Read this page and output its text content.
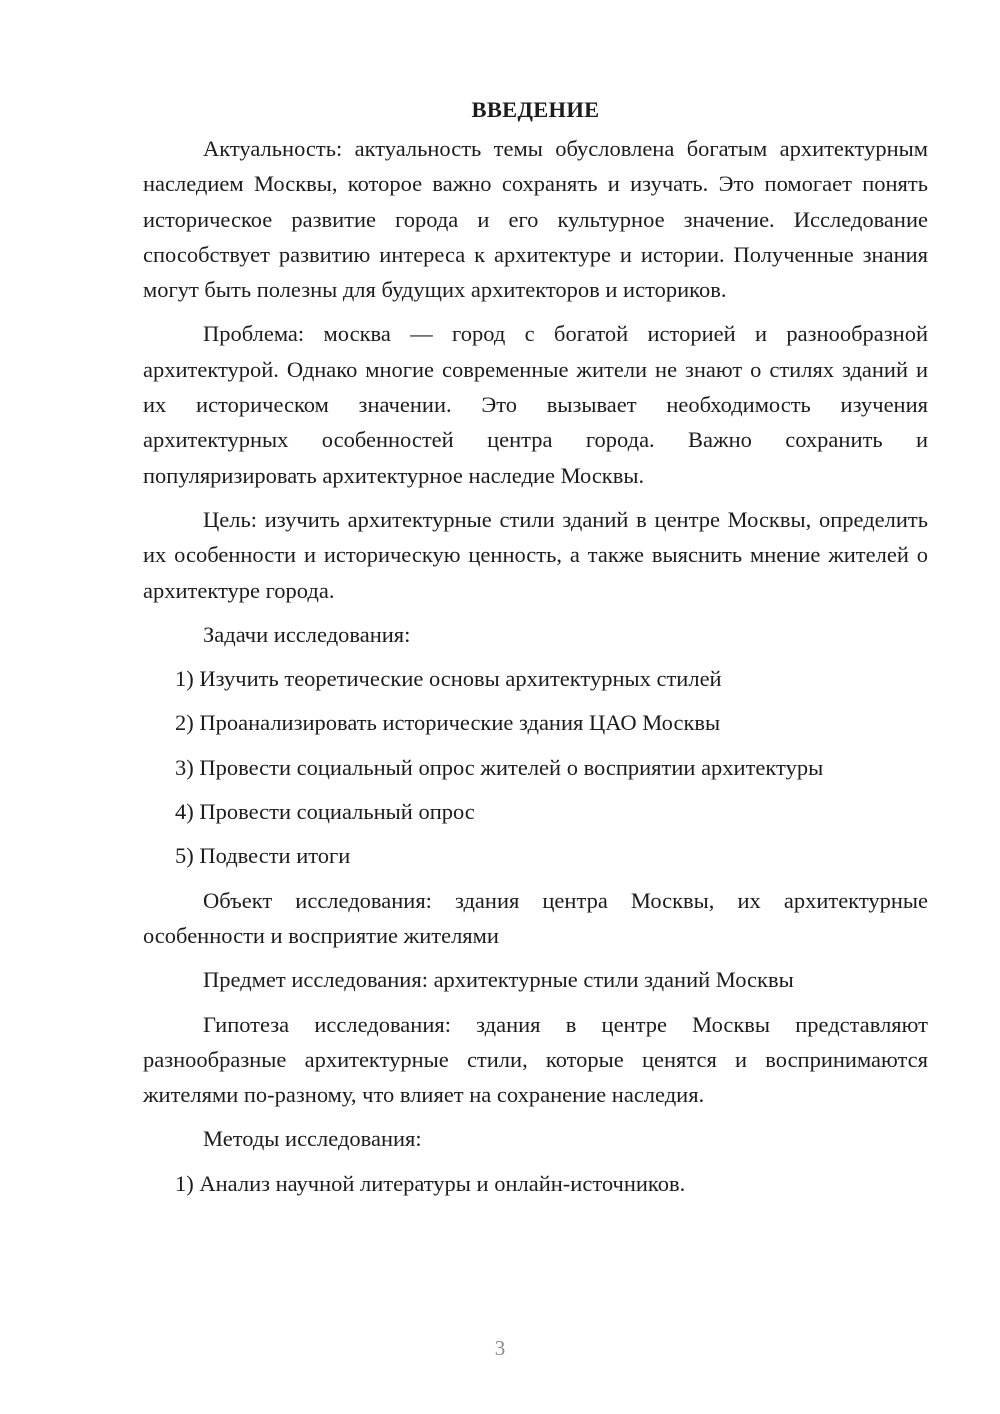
ВВЕДЕНИЕ

Актуальность: актуальность темы обусловлена богатым архитектурным наследием Москвы, которое важно сохранять и изучать. Это помогает понять историческое развитие города и его культурное значение. Исследование способствует развитию интереса к архитектуре и истории. Полученные знания могут быть полезны для будущих архитекторов и историков.

Проблема: москва — город с богатой историей и разнообразной архитектурой. Однако многие современные жители не знают о стилях зданий и их историческом значении. Это вызывает необходимость изучения архитектурных особенностей центра города. Важно сохранить и популяризировать архитектурное наследие Москвы.

Цель: изучить архитектурные стили зданий в центре Москвы, определить их особенности и историческую ценность, а также выяснить мнение жителей о архитектуре города.

Задачи исследования:

1) Изучить теоретические основы архитектурных стилей

2) Проанализировать исторические здания ЦАО Москвы

3) Провести социальный опрос жителей о восприятии архитектуры

4) Провести социальный опрос

5) Подвести итоги

Объект исследования: здания центра Москвы, их архитектурные особенности и восприятие жителями

Предмет исследования: архитектурные стили зданий Москвы

Гипотеза исследования: здания в центре Москвы представляют разнообразные архитектурные стили, которые ценятся и воспринимаются жителями по-разному, что влияет на сохранение наследия.

Методы исследования:

1) Анализ научной литературы и онлайн-источников.

3
